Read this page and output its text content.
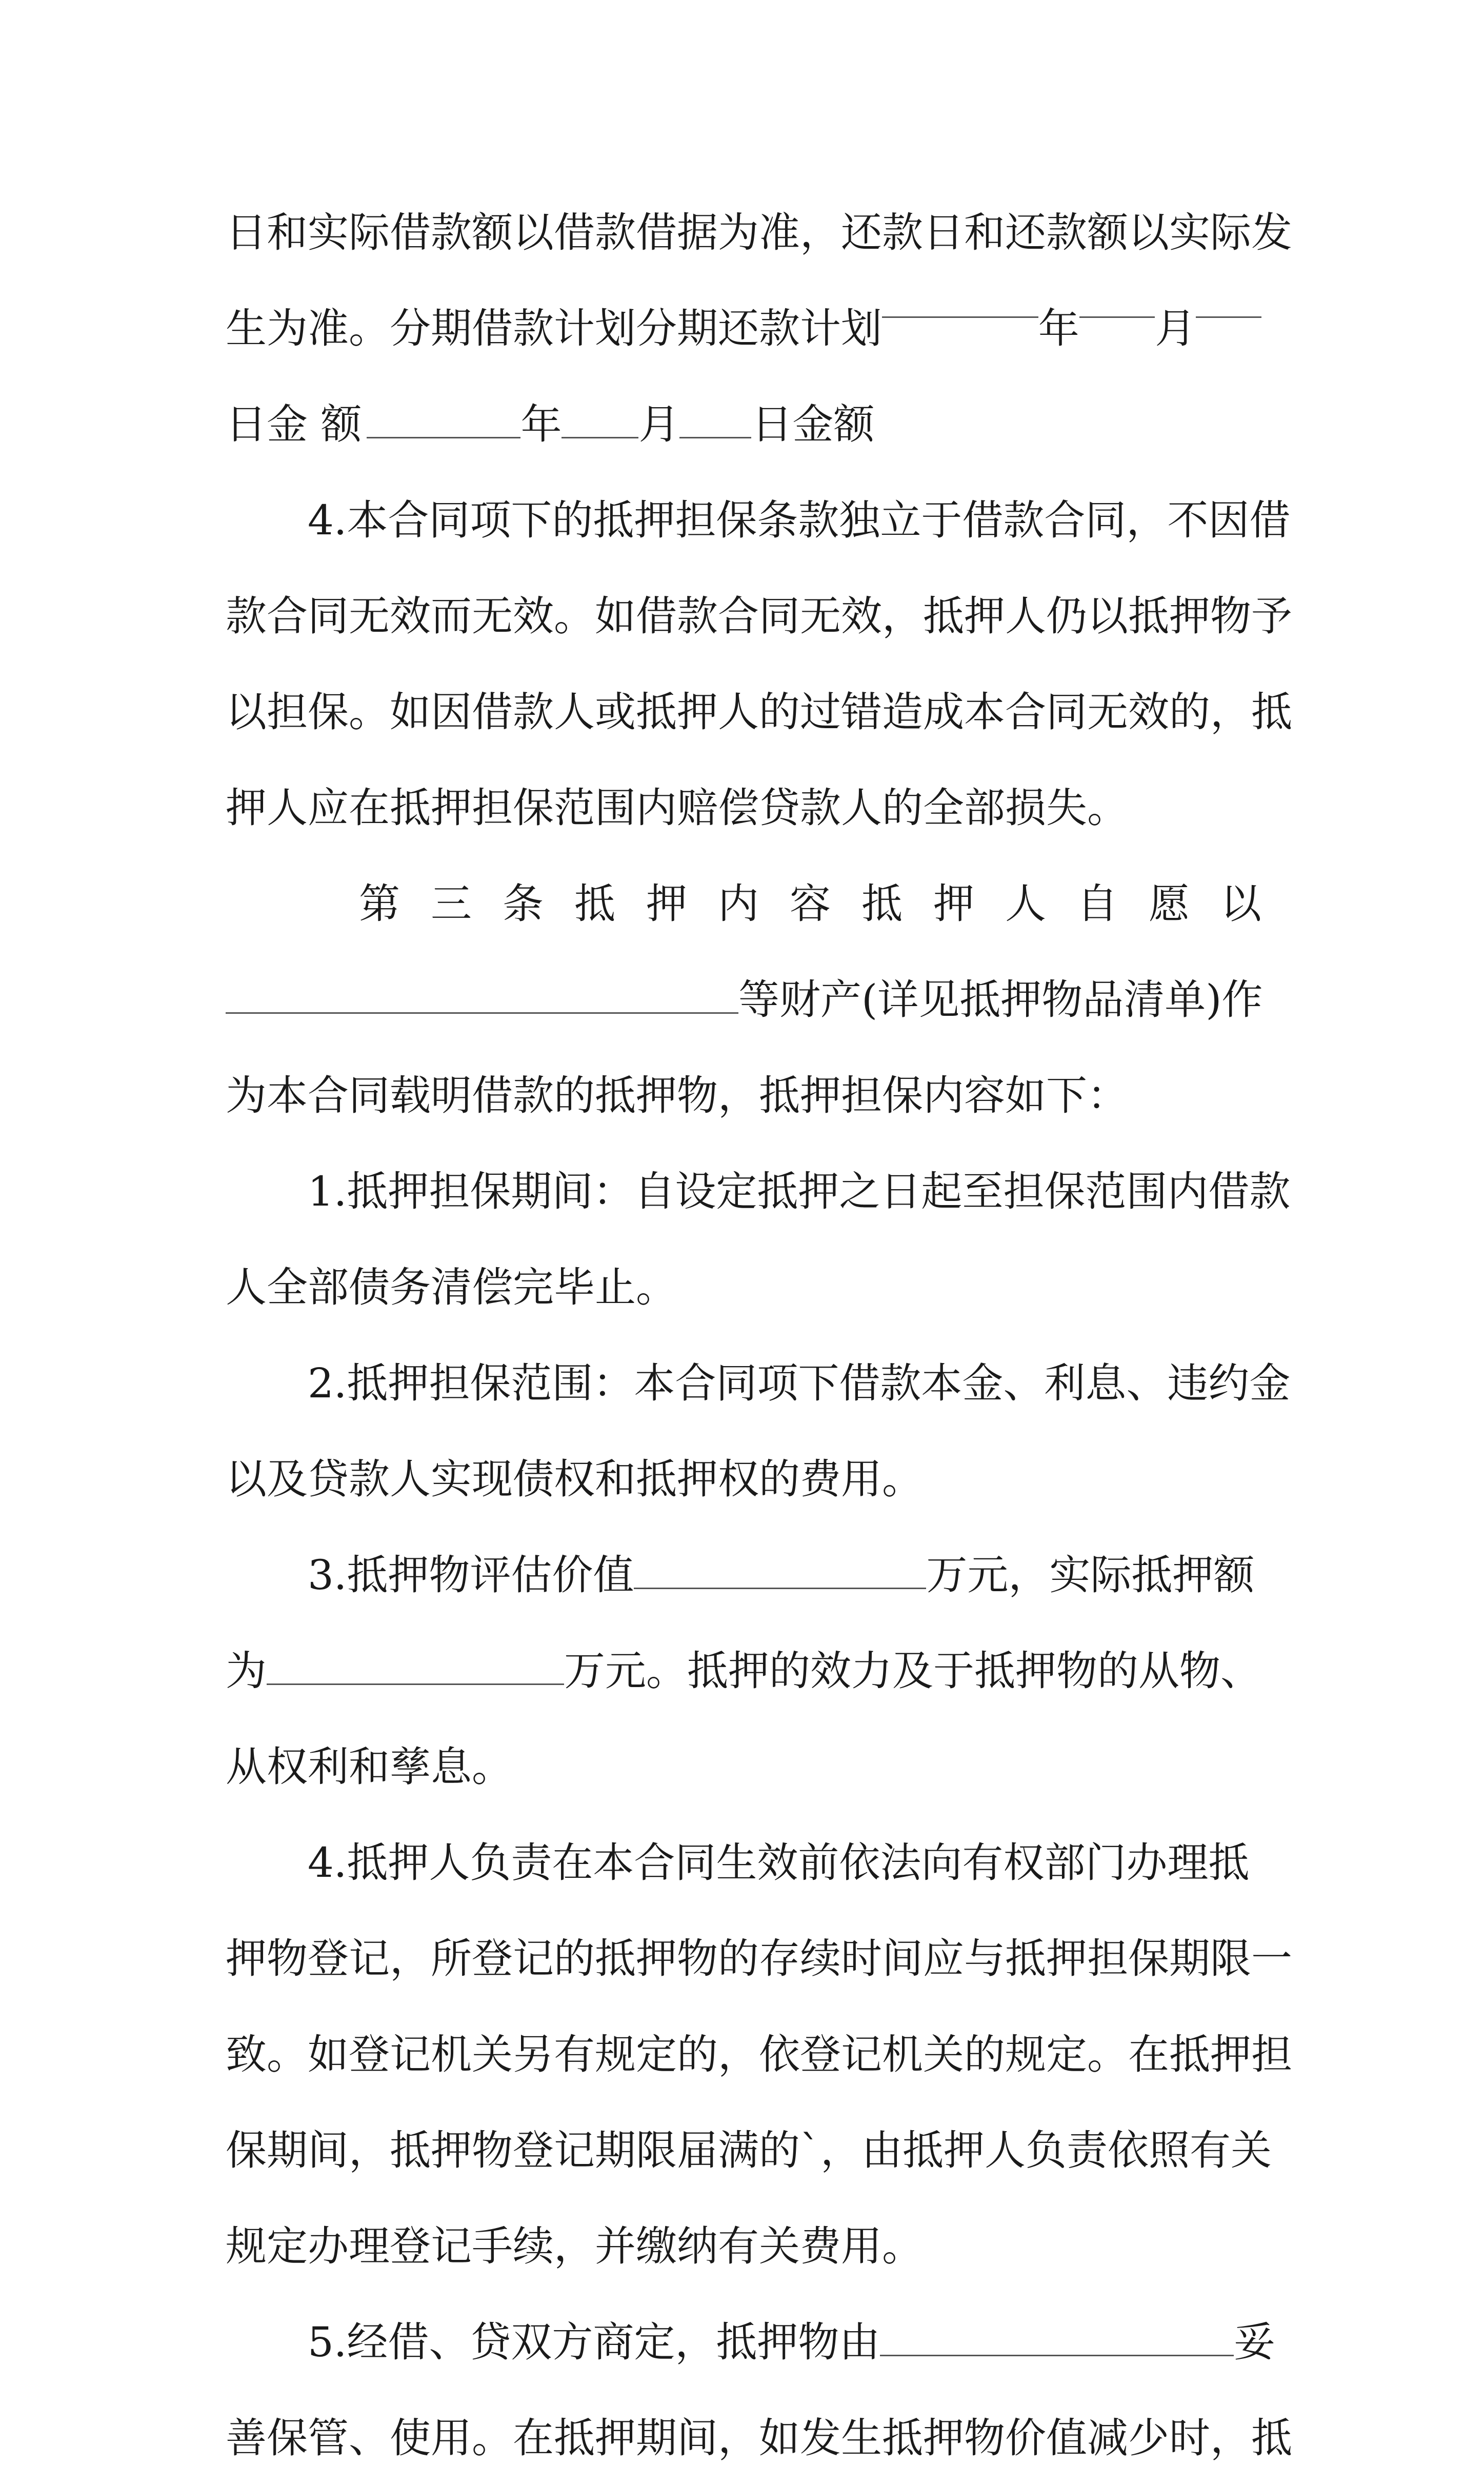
日和实际借款额以借款借据为准，还款日和还款额以实际发
生为准。分期借款计划分期还款计划	年 月
日金 额	年 月 日金额
4.本合同项下的抵押担保条款独立于借款合同，不因借
款合同无效而无效。如借款合同无效，抵押人仍以抵押物予
以担保。如因借款人或抵押人的过错造成本合同无效的，抵
押人应在抵押担保范围内赔偿贷款人的全部损失。
第 三 条 抵 押 内 容 抵 押 人 自 愿 以
等财产(详见抵押物品清单)作
为本合同载明借款的抵押物，抵押担保内容如下：
1.抵押担保期间：自设定抵押之日起至担保范围内借款
人全部债务清偿完毕止。
2.抵押担保范围：本合同项下借款本金、利息、违约金
以及贷款人实现债权和抵押权的费用。
3.抵押物评估价值	万元，实际抵押额
为	万元。抵押的效力及于抵押物的从物、
从权利和孳息。
4.抵押人负责在本合同生效前依法向有权部门办理抵
押物登记，所登记的抵押物的存续时间应与抵押担保期限一
致。如登记机关另有规定的，依登记机关的规定。在抵押担
保期间，抵押物登记期限届满的`，由抵押人负责依照有关
规定办理登记手续，并缴纳有关费用。
5.经借、贷双方商定，抵押物由	妥
善保管、使用。在抵押期间，如发生抵押物价值减少时，抵
